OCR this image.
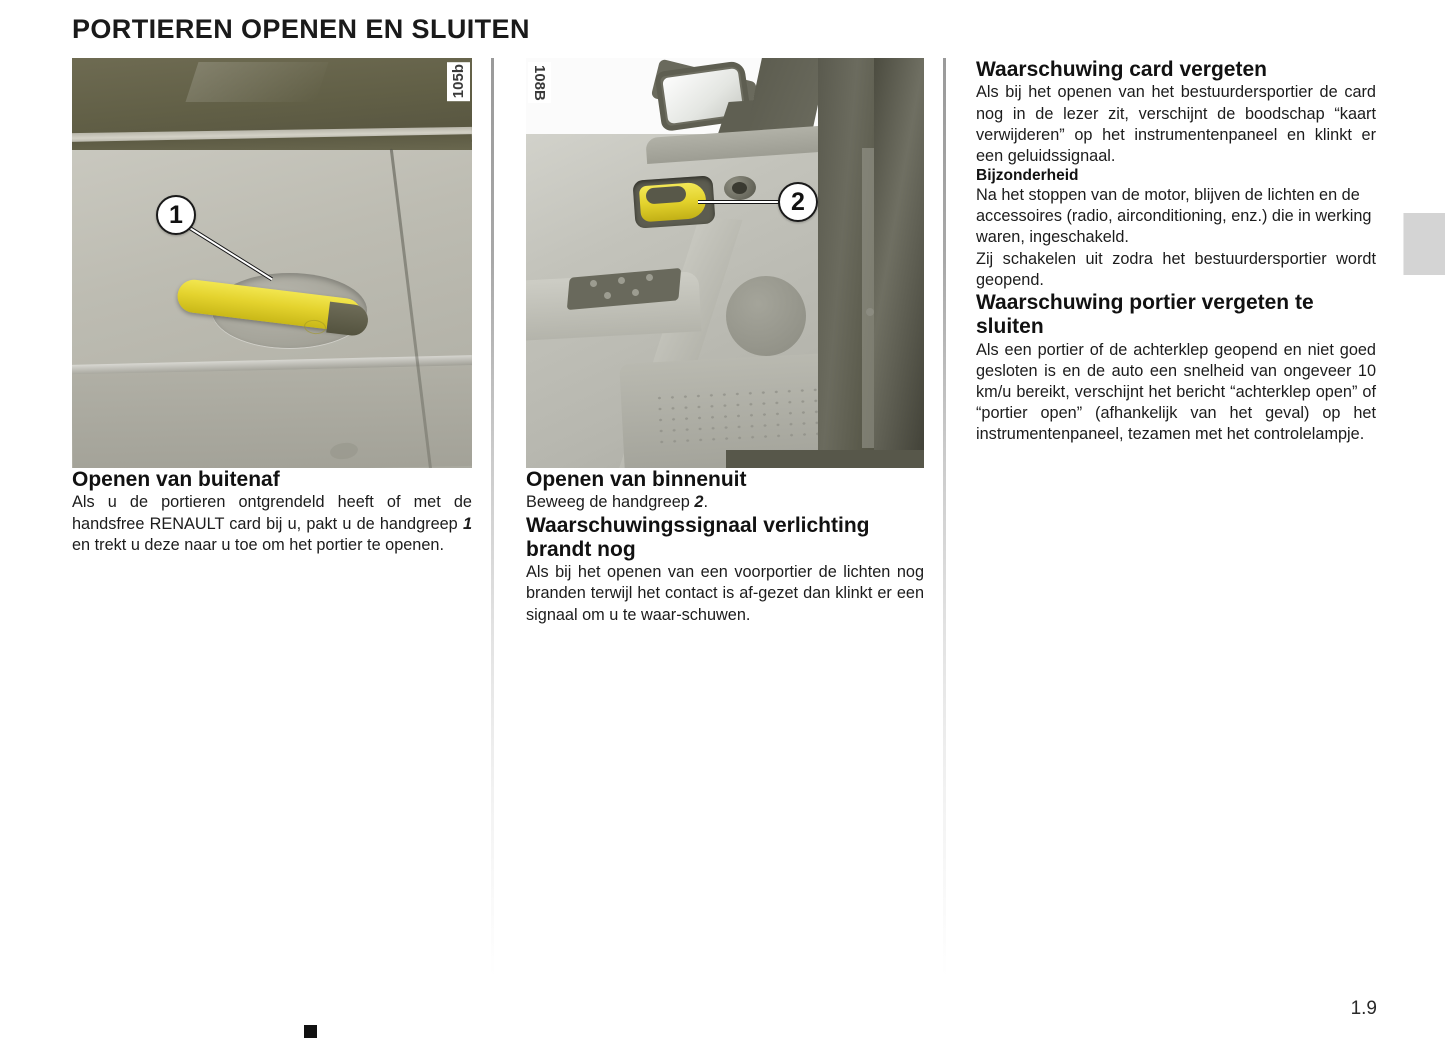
PORTIEREN OPENEN EN SLUITEN
1
105b
Openen van buitenaf

Als u de portieren ontgrendeld heeft of met de handsfree RENAULT card bij u, pakt u de handgreep 1 en trekt u deze naar u toe om het portier te openen.

2
108B
Openen van binnenuit

Beweeg de handgreep 2.

Waarschuwingssignaal verlichting brandt nog

Als bij het openen van een voorportier de lichten nog branden terwijl het contact is af-gezet dan klinkt er een signaal om u te waar-schuwen.

Waarschuwing card vergeten

Als bij het openen van het bestuurdersportier de card nog in de lezer zit, verschijnt de boodschap “kaart verwijderen” op het instrumentenpaneel en klinkt er een geluidssignaal.

Bijzonderheid

Na het stoppen van de motor, blijven de lichten en de accessoires (radio, airconditioning, enz.) die in werking waren, ingeschakeld.

Zij schakelen uit zodra het bestuurdersportier wordt geopend.

Waarschuwing portier vergeten te sluiten

Als een portier of de achterklep geopend en niet goed gesloten is en de auto een snelheid van ongeveer 10 km/u bereikt, verschijnt het bericht “achterklep open” of “portier open” (afhankelijk van het geval) op het instrumentenpaneel, tezamen met het controlelampje.

1.9
